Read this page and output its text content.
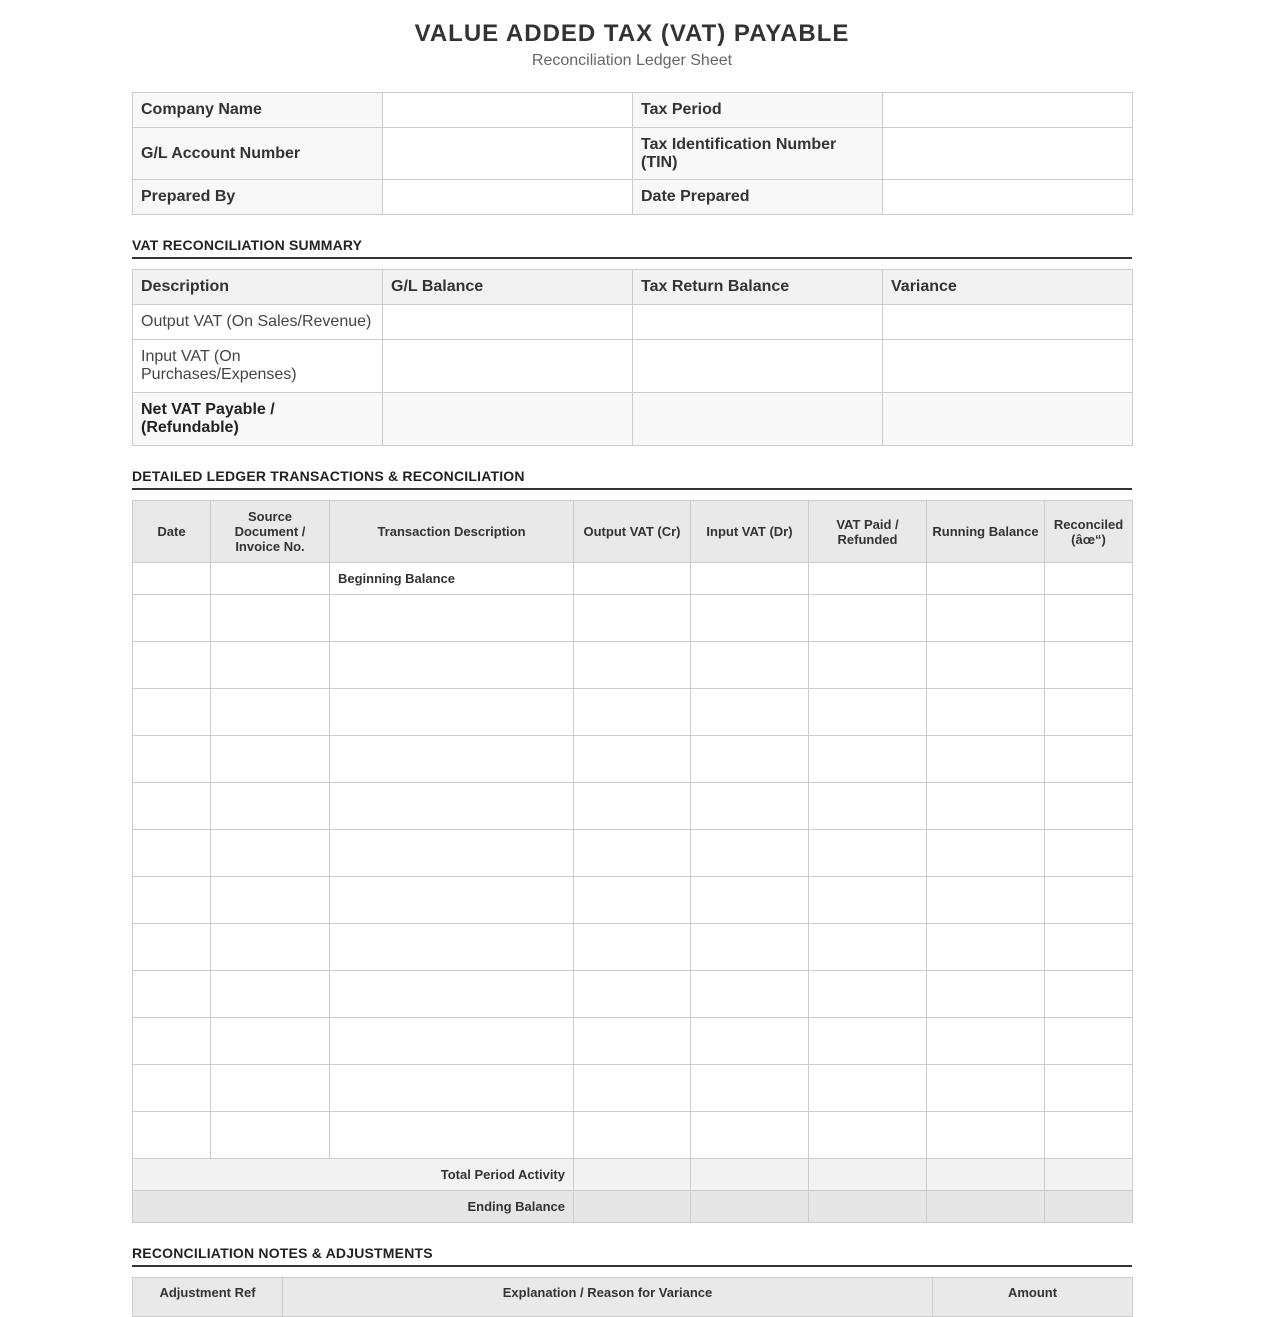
VALUE ADDED TAX (VAT) PAYABLE
Reconciliation Ledger Sheet
Company Name		Tax Period	
G/L Account Number		Tax Identification Number (TIN)	
Prepared By		Date Prepared	
VAT RECONCILIATION SUMMARY
Description	G/L Balance	Tax Return Balance	Variance
Output VAT (On Sales/Revenue)			
Input VAT (On Purchases/Expenses)			
Net VAT Payable / (Refundable)			
DETAILED LEDGER TRANSACTIONS & RECONCILIATION
Date	Source Document / Invoice No.	Transaction Description	Output VAT (Cr)	Input VAT (Dr)	VAT Paid / Refunded	Running Balance	Reconciled (âœ“)
		Beginning Balance					

Total Period Activity							
Ending Balance							
RECONCILIATION NOTES & ADJUSTMENTS
Adjustment Ref	Explanation / Reason for Variance	Amount
